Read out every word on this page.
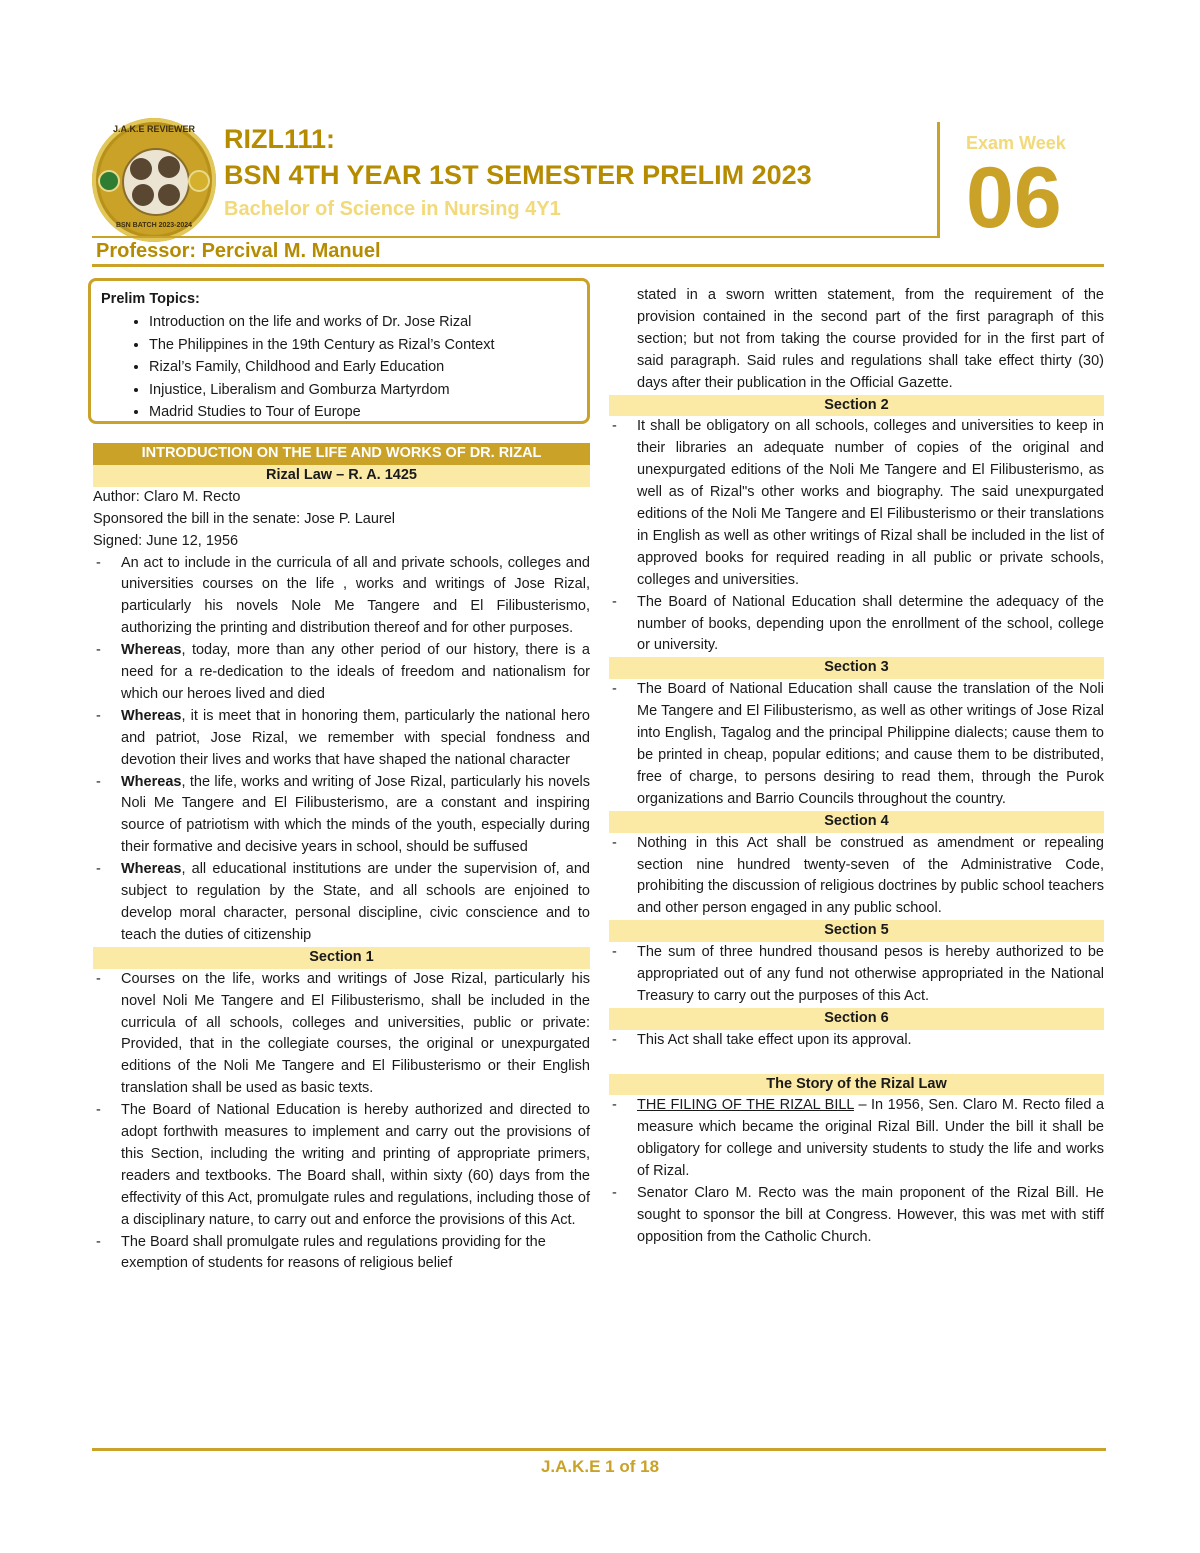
J.A.K.E REVIEWER
BSN BATCH 2023-2024
RIZL111:
BSN 4TH YEAR 1ST SEMESTER PRELIM 2023
Bachelor of Science in Nursing 4Y1
Professor: Percival M. Manuel
Exam Week
06
Prelim Topics:
• Introduction on the life and works of Dr. Jose Rizal
• The Philippines in the 19th Century as Rizal’s Context
• Rizal’s Family, Childhood and Early Education
• Injustice, Liberalism and Gomburza Martyrdom
• Madrid Studies to Tour of Europe
INTRODUCTION ON THE LIFE AND WORKS OF DR. RIZAL
Rizal Law – R. A. 1425
Author: Claro M. Recto
Sponsored the bill in the senate: Jose P. Laurel
Signed: June 12, 1956
- An act to include in the curricula of all and private schools, colleges and universities courses on the life , works and writings of Jose Rizal, particularly his novels Nole Me Tangere and El Filibusterismo, authorizing the printing and distribution thereof and for other purposes.
- Whereas, today, more than any other period of our history, there is a need for a re-dedication to the ideals of freedom and nationalism for which our heroes lived and died
- Whereas, it is meet that in honoring them, particularly the national hero and patriot, Jose Rizal, we remember with special fondness and devotion their lives and works that have shaped the national character
- Whereas, the life, works and writing of Jose Rizal, particularly his novels Noli Me Tangere and El Filibusterismo, are a constant and inspiring source of patriotism with which the minds of the youth, especially during their formative and decisive years in school, should be suffused
- Whereas, all educational institutions are under the supervision of, and subject to regulation by the State, and all schools are enjoined to develop moral character, personal discipline, civic conscience and to teach the duties of citizenship
Section 1
- Courses on the life, works and writings of Jose Rizal, particularly his novel Noli Me Tangere and El Filibusterismo, shall be included in the curricula of all schools, colleges and universities, public or private: Provided, that in the collegiate courses, the original or unexpurgated editions of the Noli Me Tangere and El Filibusterismo or their English translation shall be used as basic texts.
- The Board of National Education is hereby authorized and directed to adopt forthwith measures to implement and carry out the provisions of this Section, including the writing and printing of appropriate primers, readers and textbooks. The Board shall, within sixty (60) days from the effectivity of this Act, promulgate rules and regulations, including those of a disciplinary nature, to carry out and enforce the provisions of this Act.
- The Board shall promulgate rules and regulations providing for the exemption of students for reasons of religious belief
stated in a sworn written statement, from the requirement of the provision contained in the second part of the first paragraph of this section; but not from taking the course provided for in the first part of said paragraph. Said rules and regulations shall take effect thirty (30) days after their publication in the Official Gazette.
Section 2
- It shall be obligatory on all schools, colleges and universities to keep in their libraries an adequate number of copies of the original and unexpurgated editions of the Noli Me Tangere and El Filibusterismo, as well as of Rizal"s other works and biography. The said unexpurgated editions of the Noli Me Tangere and El Filibusterismo or their translations in English as well as other writings of Rizal shall be included in the list of approved books for required reading in all public or private schools, colleges and universities.
- The Board of National Education shall determine the adequacy of the number of books, depending upon the enrollment of the school, college or university.
Section 3
- The Board of National Education shall cause the translation of the Noli Me Tangere and El Filibusterismo, as well as other writings of Jose Rizal into English, Tagalog and the principal Philippine dialects; cause them to be printed in cheap, popular editions; and cause them to be distributed, free of charge, to persons desiring to read them, through the Purok organizations and Barrio Councils throughout the country.
Section 4
- Nothing in this Act shall be construed as amendment or repealing section nine hundred twenty-seven of the Administrative Code, prohibiting the discussion of religious doctrines by public school teachers and other person engaged in any public school.
Section 5
- The sum of three hundred thousand pesos is hereby authorized to be appropriated out of any fund not otherwise appropriated in the National Treasury to carry out the purposes of this Act.
Section 6
- This Act shall take effect upon its approval.
The Story of the Rizal Law
- THE FILING OF THE RIZAL BILL – In 1956, Sen. Claro M. Recto filed a measure which became the original Rizal Bill. Under the bill it shall be obligatory for college and university students to study the life and works of Rizal.
- Senator Claro M. Recto was the main proponent of the Rizal Bill. He sought to sponsor the bill at Congress. However, this was met with stiff opposition from the Catholic Church.
J.A.K.E 1 of 18
